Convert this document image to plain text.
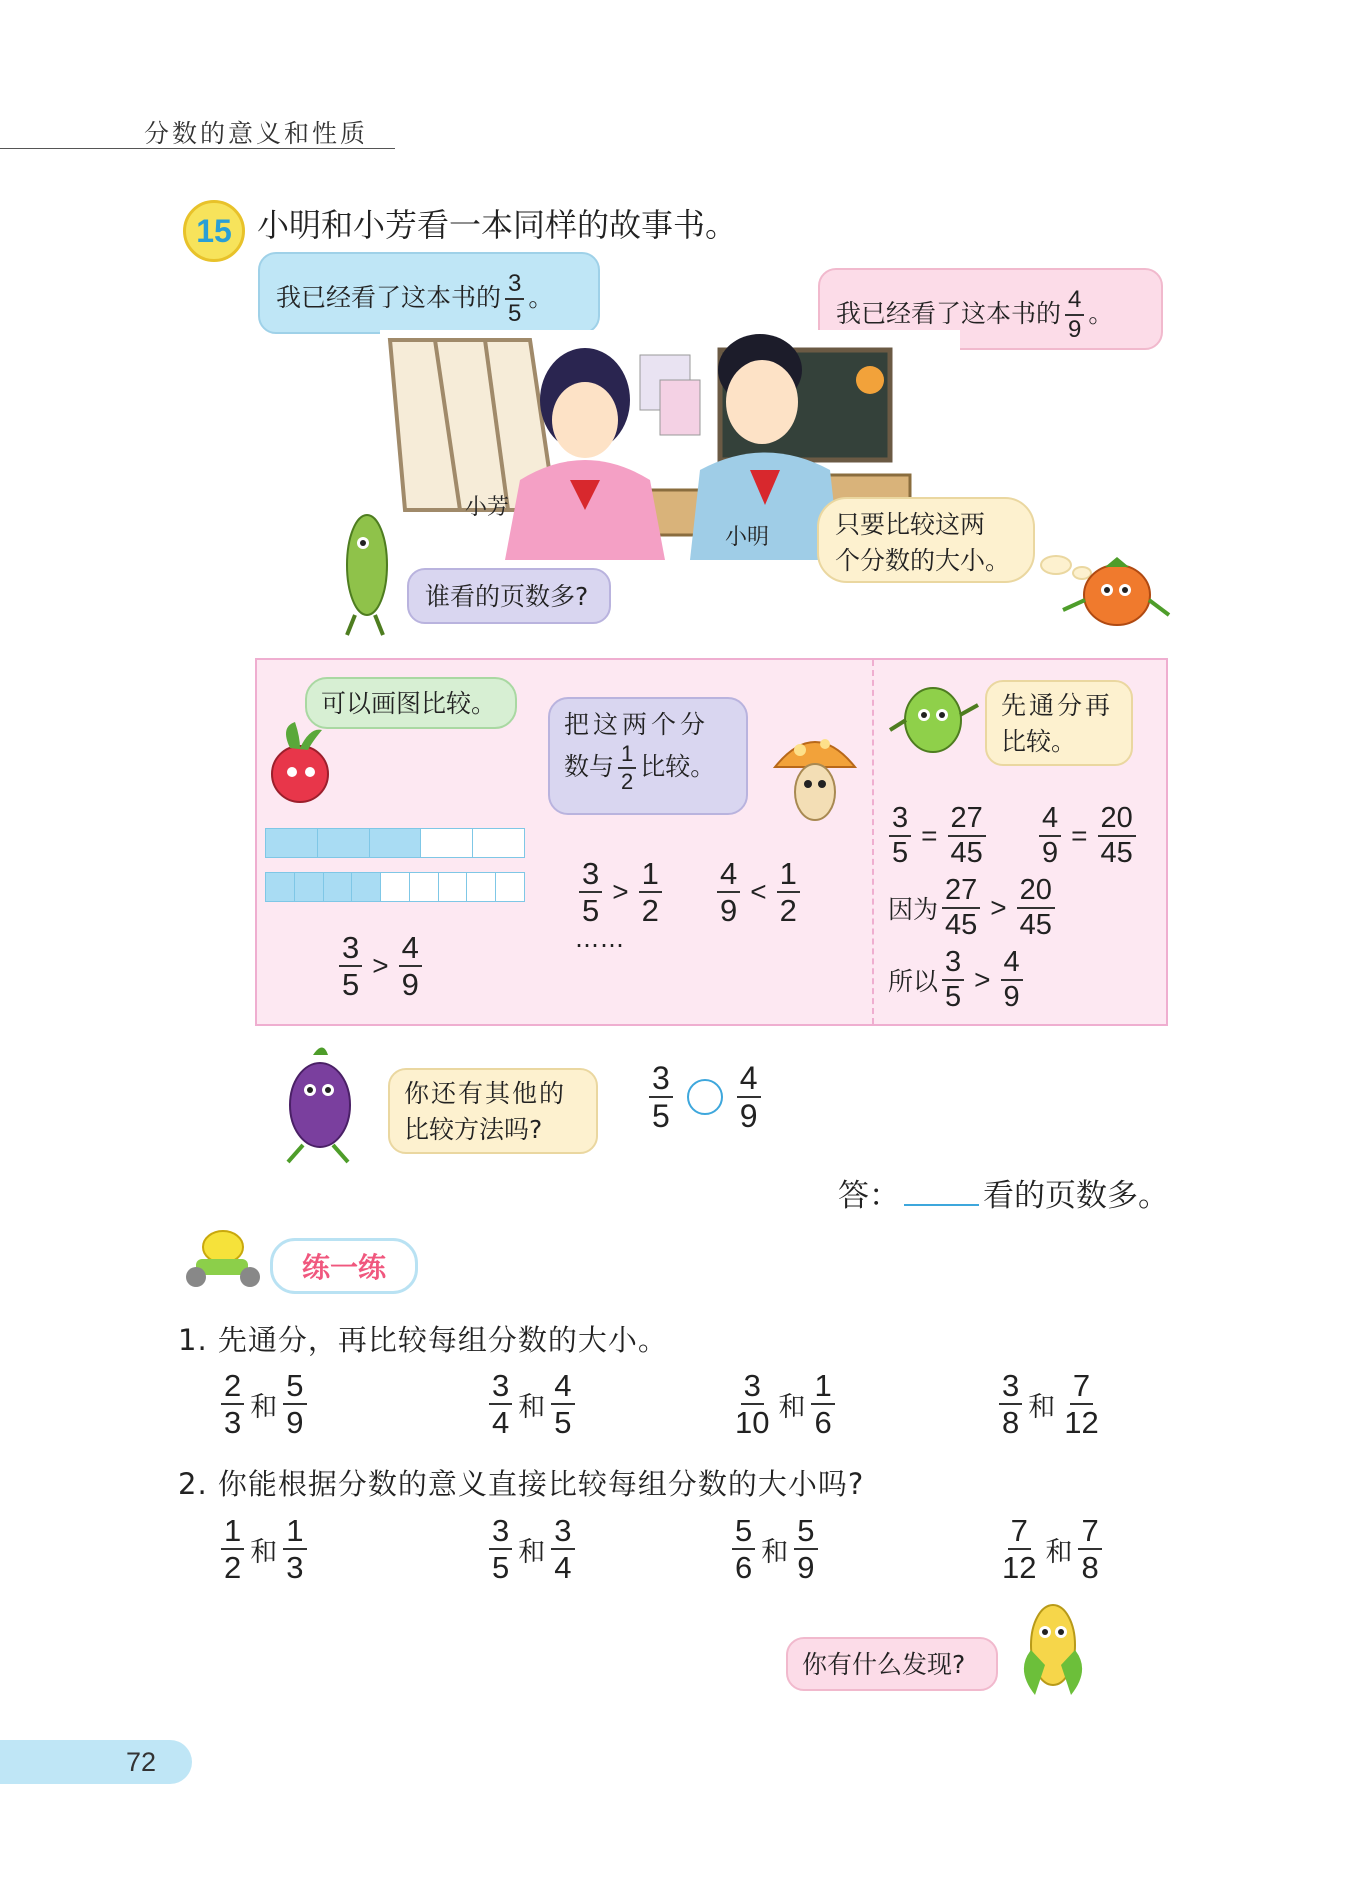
分数的意义和性质
15 小明和小芳看一本同样的故事书。
我已经看了这本书的 $\frac{3}{5}$ 。
我已经看了这本书的 $\frac{4}{9}$ 。
小芳
小明	只要比较这两
个分数的大小。
谁看的页数多?
可以画图比较。
$\frac{3}{5} > \frac{4}{9}$
把这两个分
数与 $\frac{1}{2}$ 比较。
$\frac{3}{5} > \frac{1}{2} \frac{4}{9} < \frac{1}{2}$
……
先通分再
比较。
$\frac{3}{5} = \frac{27}{45} \frac{4}{9} = \frac{20}{45}$
因为 $\frac{27}{45} > \frac{20}{45}$
所以 $\frac{3}{5} > \frac{4}{9}$
你还有其他的
比较方法吗?	$\frac{3}{5} \frac{4}{9}$
答：	看的页数多。
练一练
1. 先通分，再比较每组分数的大小。
$\frac{2}{3}$ 和 $\frac{5}{9}$	$\frac{3}{4}$ 和 $\frac{4}{5}$	$\frac{3}{10}$ 和 $\frac{1}{6}$	$\frac{3}{8}$ 和 $\frac{7}{12}$
2. 你能根据分数的意义直接比较每组分数的大小吗?
$\frac{1}{2}$ 和 $\frac{1}{3}$	$\frac{3}{5}$ 和 $\frac{3}{4}$	$\frac{5}{6}$ 和 $\frac{5}{9}$	$\frac{7}{12}$ 和 $\frac{7}{8}$
你有什么发现?
72
